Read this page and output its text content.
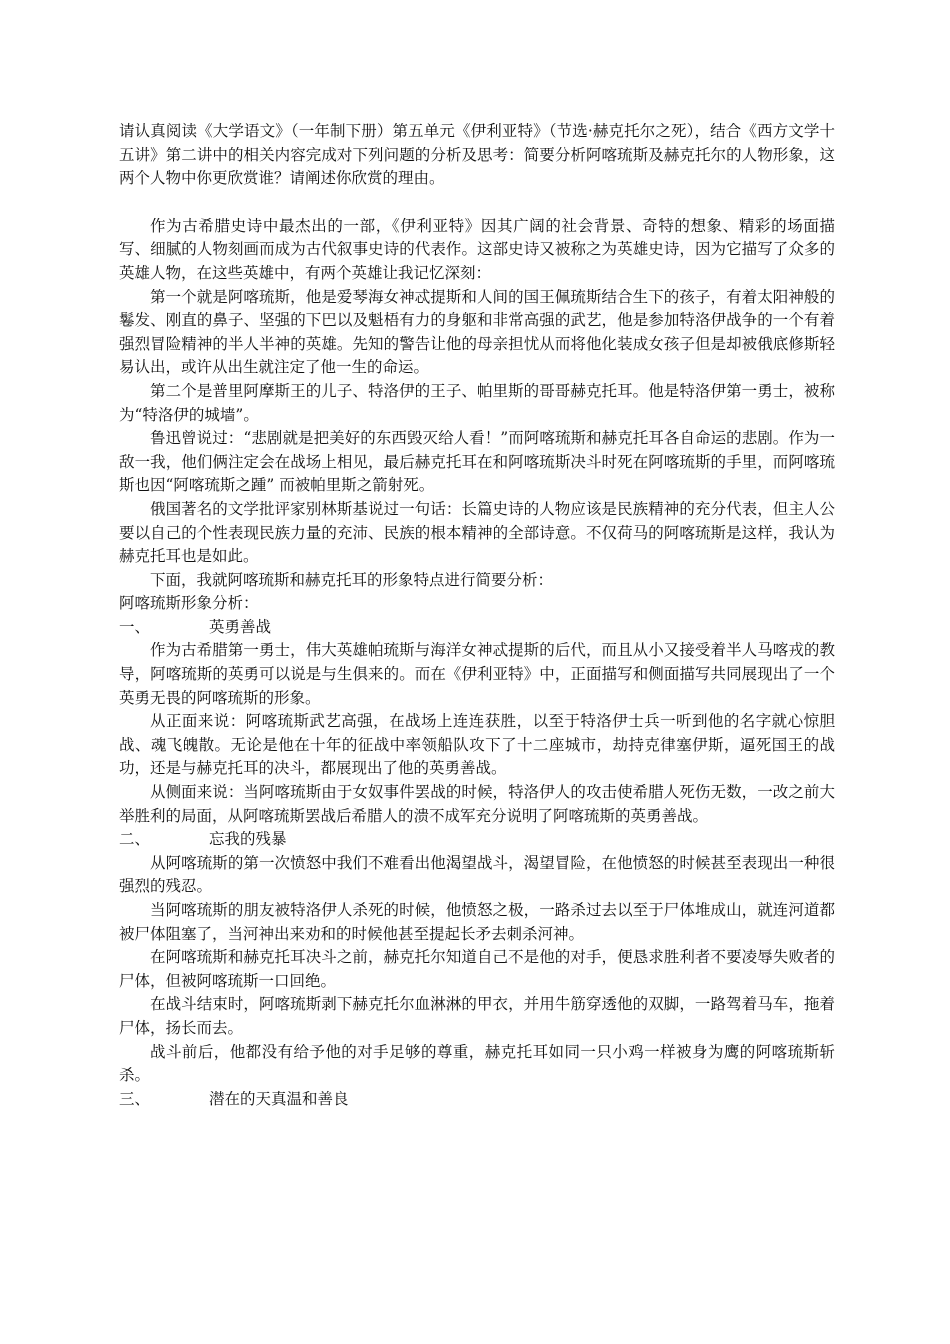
请认真阅读《大学语文》（一年制下册）第五单元《伊利亚特》（节选·赫克托尔之死），结合《西方文学十五讲》第二讲中的相关内容完成对下列问题的分析及思考：简要分析阿喀琉斯及赫克托尔的人物形象，这两个人物中你更欣赏谁？请阐述你欣赏的理由。

作为古希腊史诗中最杰出的一部，《伊利亚特》因其广阔的社会背景、奇特的想象、精彩的场面描写、细腻的人物刻画而成为古代叙事史诗的代表作。这部史诗又被称之为英雄史诗，因为它描写了众多的英雄人物，在这些英雄中，有两个英雄让我记忆深刻：

第一个就是阿喀琉斯，他是爱琴海女神忒提斯和人间的国王佩琉斯结合生下的孩子，有着太阳神般的鬈发、刚直的鼻子、坚强的下巴以及魁梧有力的身躯和非常高强的武艺，他是参加特洛伊战争的一个有着强烈冒险精神的半人半神的英雄。先知的警告让他的母亲担忧从而将他化装成女孩子但是却被俄底修斯轻易认出，或许从出生就注定了他一生的命运。

第二个是普里阿摩斯王的儿子、特洛伊的王子、帕里斯的哥哥赫克托耳。他是特洛伊第一勇士，被称为“特洛伊的城墙”。

鲁迅曾说过：“悲剧就是把美好的东西毁灭给人看！”而阿喀琉斯和赫克托耳各自命运的悲剧。作为一敌一我，他们俩注定会在战场上相见，最后赫克托耳在和阿喀琉斯决斗时死在阿喀琉斯的手里，而阿喀琉斯也因“阿喀琉斯之踵” 而被帕里斯之箭射死。

俄国著名的文学批评家别林斯基说过一句话：长篇史诗的人物应该是民族精神的充分代表，但主人公要以自己的个性表现民族力量的充沛、民族的根本精神的全部诗意。不仅荷马的阿喀琉斯是这样，我认为赫克托耳也是如此。

下面，我就阿喀琉斯和赫克托耳的形象特点进行简要分析：

阿喀琉斯形象分析：

一、	英勇善战

作为古希腊第一勇士，伟大英雄帕琉斯与海洋女神忒提斯的后代，而且从小又接受着半人马喀戎的教导，阿喀琉斯的英勇可以说是与生俱来的。而在《伊利亚特》中，正面描写和侧面描写共同展现出了一个英勇无畏的阿喀琉斯的形象。

从正面来说：阿喀琉斯武艺高强，在战场上连连获胜，以至于特洛伊士兵一听到他的名字就心惊胆战、魂飞魄散。无论是他在十年的征战中率领船队攻下了十二座城市，劫持克律塞伊斯，逼死国王的战功，还是与赫克托耳的决斗，都展现出了他的英勇善战。

从侧面来说：当阿喀琉斯由于女奴事件罢战的时候，特洛伊人的攻击使希腊人死伤无数，一改之前大举胜利的局面，从阿喀琉斯罢战后希腊人的溃不成军充分说明了阿喀琉斯的英勇善战。

二、	忘我的残暴

从阿喀琉斯的第一次愤怒中我们不难看出他渴望战斗，渴望冒险，在他愤怒的时候甚至表现出一种很强烈的残忍。

当阿喀琉斯的朋友被特洛伊人杀死的时候，他愤怒之极，一路杀过去以至于尸体堆成山，就连河道都被尸体阻塞了，当河神出来劝和的时候他甚至提起长矛去刺杀河神。

在阿喀琉斯和赫克托耳决斗之前，赫克托尔知道自己不是他的对手，便恳求胜利者不要凌辱失败者的尸体，但被阿喀琉斯一口回绝。

在战斗结束时，阿喀琉斯剥下赫克托尔血淋淋的甲衣，并用牛筋穿透他的双脚，一路驾着马车，拖着尸体，扬长而去。

战斗前后，他都没有给予他的对手足够的尊重，赫克托耳如同一只小鸡一样被身为鹰的阿喀琉斯斩杀。

三、	潜在的天真温和善良
